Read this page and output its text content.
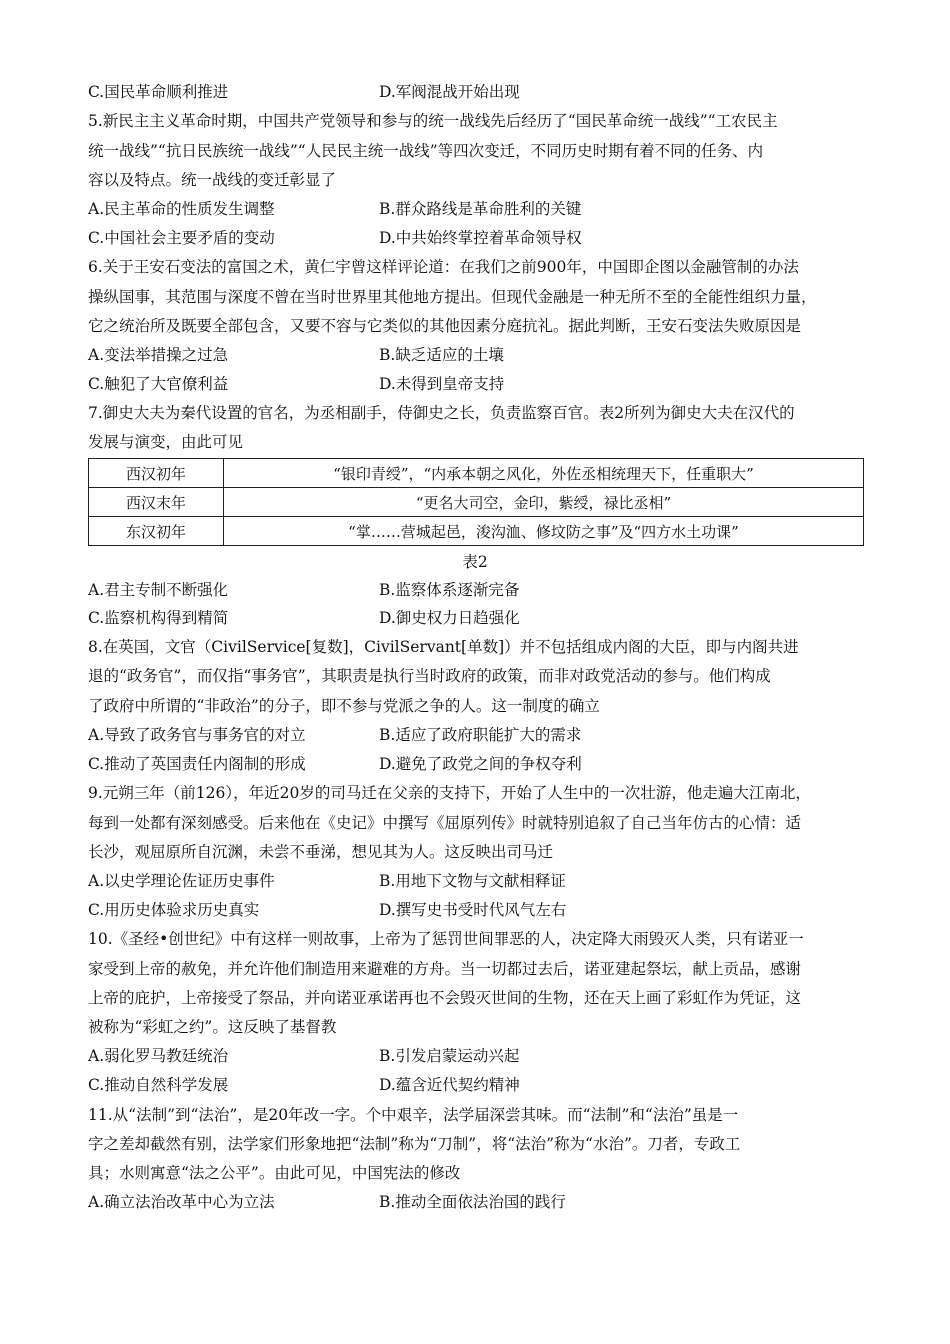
C.国民革命顺利推进	D.军阀混战开始出现
5.新民主主义革命时期，中国共产党领导和参与的统一战线先后经历了“国民革命统一战线”“工农民主
统一战线”“抗日民族统一战线”“人民民主统一战线”等四次变迁，不同历史时期有着不同的任务、内
容以及特点。统一战线的变迁彰显了
A.民主革命的性质发生调整	B.群众路线是革命胜利的关键
C.中国社会主要矛盾的变动	D.中共始终掌控着革命领导权
6.关于王安石变法的富国之术，黄仁宇曾这样评论道：在我们之前900年，中国即企图以金融管制的办法
操纵国事，其范围与深度不曾在当时世界里其他地方提出。但现代金融是一种无所不至的全能性组织力量，
它之统治所及既要全部包含，又要不容与它类似的其他因素分庭抗礼。据此判断，王安石变法失败原因是
A.变法举措操之过急	B.缺乏适应的土壤
C.触犯了大官僚利益	D.未得到皇帝支持
7.御史大夫为秦代设置的官名，为丞相副手，侍御史之长，负责监察百官。表2所列为御史大夫在汉代的
发展与演变，由此可见
西汉初年	“银印青绶”，“内承本朝之风化，外佐丞相统理天下，任重职大”
西汉末年	“更名大司空，金印，紫绶，禄比丞相”
东汉初年	“掌……营城起邑，浚沟洫、修坟防之事”及“四方水土功课”
表2
A.君主专制不断强化	B.监察体系逐渐完备
C.监察机构得到精简	D.御史权力日趋强化
8.在英国，文官（CivilService[复数]，CivilServant[单数]）并不包括组成内阁的大臣，即与内阁共进
退的“政务官”，而仅指“事务官”，其职责是执行当时政府的政策，而非对政党活动的参与。他们构成
了政府中所谓的“非政治”的分子，即不参与党派之争的人。这一制度的确立
A.导致了政务官与事务官的对立	B.适应了政府职能扩大的需求
C.推动了英国责任内阁制的形成	D.避免了政党之间的争权夺利
9.元朔三年（前126），年近20岁的司马迁在父亲的支持下，开始了人生中的一次壮游，他走遍大江南北，
每到一处都有深刻感受。后来他在《史记》中撰写《屈原列传》时就特别追叙了自己当年仿古的心情：适
长沙，观屈原所自沉渊，未尝不垂涕，想见其为人。这反映出司马迁
A.以史学理论佐证历史事件	B.用地下文物与文献相释证
C.用历史体验求历史真实	D.撰写史书受时代风气左右
10.《圣经•创世纪》中有这样一则故事，上帝为了惩罚世间罪恶的人，决定降大雨毁灭人类，只有诺亚一
家受到上帝的赦免，并允许他们制造用来避难的方舟。当一切都过去后，诺亚建起祭坛，献上贡品，感谢
上帝的庇护，上帝接受了祭品，并向诺亚承诺再也不会毁灭世间的生物，还在天上画了彩虹作为凭证，这
被称为“彩虹之约”。这反映了基督教
A.弱化罗马教廷统治	B.引发启蒙运动兴起
C.推动自然科学发展	D.蕴含近代契约精神
11.从“法制”到“法治”，是20年改一字。个中艰辛，法学届深尝其味。而“法制”和“法治”虽是一
字之差却截然有别，法学家们形象地把“法制”称为“刀制”，将“法治”称为“水治”。刀者，专政工
具；水则寓意“法之公平”。由此可见，中国宪法的修改
A.确立法治改革中心为立法	B.推动全面依法治国的践行
